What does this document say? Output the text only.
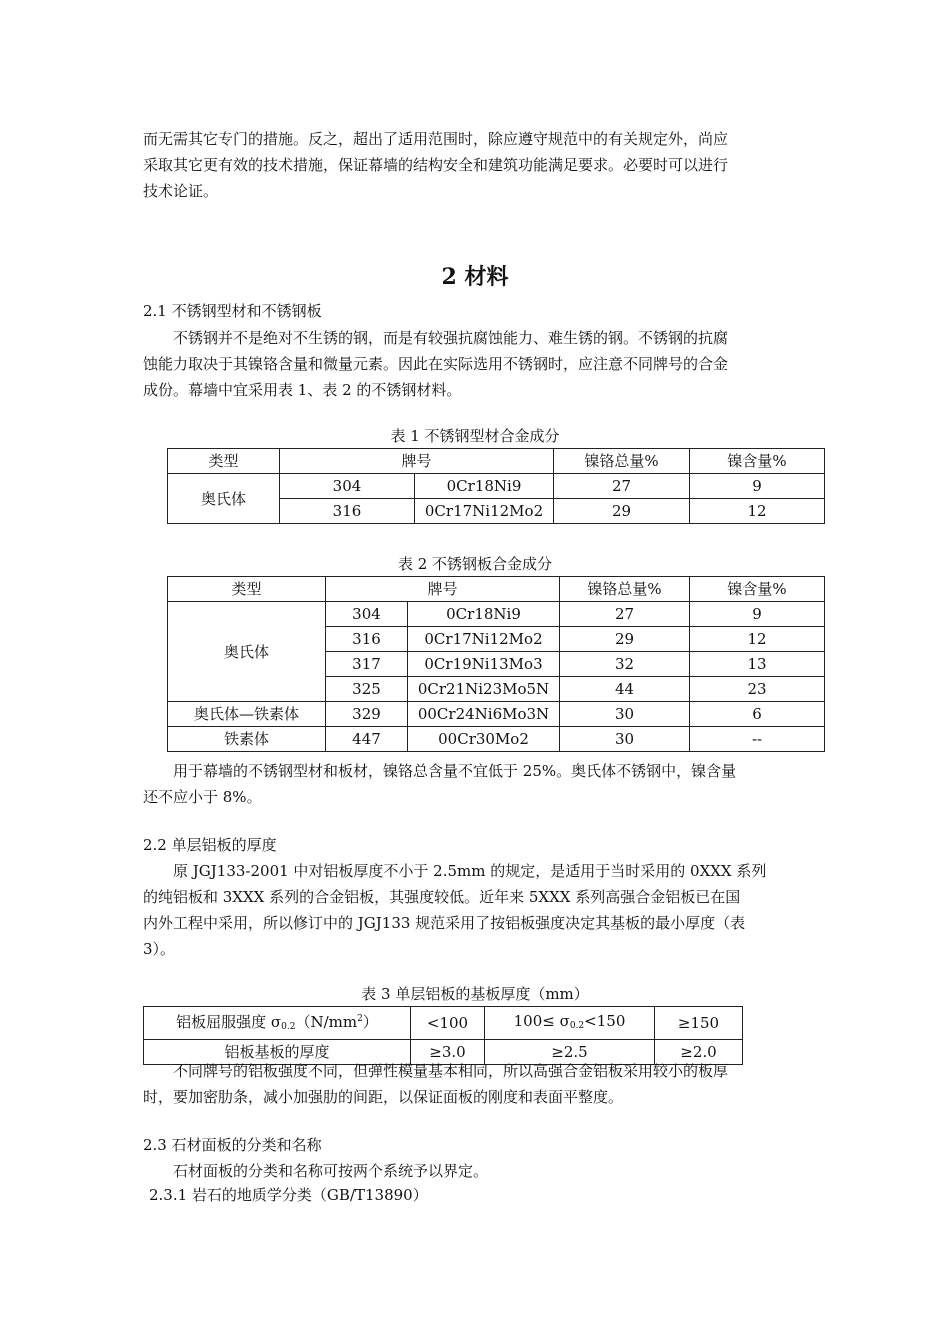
而无需其它专门的措施。反之，超出了适用范围时，除应遵守规范中的有关规定外，尚应

采取其它更有效的技术措施，保证幕墙的结构安全和建筑功能满足要求。必要时可以进行

技术论证。

2 材料

2.1 不锈钢型材和不锈钢板

不锈钢并不是绝对不生锈的钢，而是有较强抗腐蚀能力、难生锈的钢。不锈钢的抗腐

蚀能力取决于其镍铬含量和微量元素。因此在实际选用不锈钢时，应注意不同牌号的合金

成份。幕墙中宜采用表 1、表 2 的不锈钢材料。

表 1 不锈钢型材合金成分

类型	牌号		镍铬总量%	镍含量%
奥氏体	304	0Cr18Ni9	27	9
	316	0Cr17Ni12Mo2	29	12

表 2 不锈钢板合金成分

类型	牌号		镍铬总量%	镍含量%
奥氏体	304	0Cr18Ni9	27	9
	316	0Cr17Ni12Mo2	29	12
	317	0Cr19Ni13Mo3	32	13
	325	0Cr21Ni23Mo5N	44	23
奥氏体—铁素体	329	00Cr24Ni6Mo3N	30	6
铁素体	447	00Cr30Mo2	30	--

用于幕墙的不锈钢型材和板材，镍铬总含量不宜低于 25%。奥氏体不锈钢中，镍含量

还不应小于 8%。

2.2 单层铝板的厚度

原 JGJ133-2001 中对铝板厚度不小于 2.5mm 的规定，是适用于当时采用的 0XXX 系列

的纯铝板和 3XXX 系列的合金铝板，其强度较低。近年来 5XXX 系列高强合金铝板已在国

内外工程中采用，所以修订中的 JGJ133 规范采用了按铝板强度决定其基板的最小厚度（表

3）。

表 3 单层铝板的基板厚度（mm）

铝板屈服强度 $\sigma_{0.2}(N/mm^2)$	<100	$100\le \sigma_{0.2}<150$	≥150
铝板基板的厚度	≥3.0	≥2.5	≥2.0

不同牌号的铝板强度不同，但弹性模量基本相同，所以高强合金铝板采用较小的板厚

时，要加密肋条，减小加强肋的间距，以保证面板的刚度和表面平整度。

2.3 石材面板的分类和名称

石材面板的分类和名称可按两个系统予以界定。

2.3.1 岩石的地质学分类（GB/T13890）
